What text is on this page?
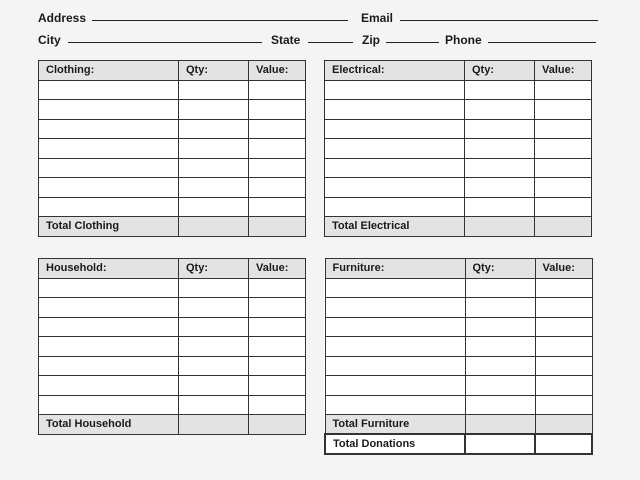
Address	Email
City	State	Zip	Phone
Clothing:	Qty:	Value:

Total Clothing		
Electrical:	Qty:	Value:

Total Electrical		
Household:	Qty:	Value:

Total Household		
Furniture:	Qty:	Value:

Total Furniture		
Total Donations		
